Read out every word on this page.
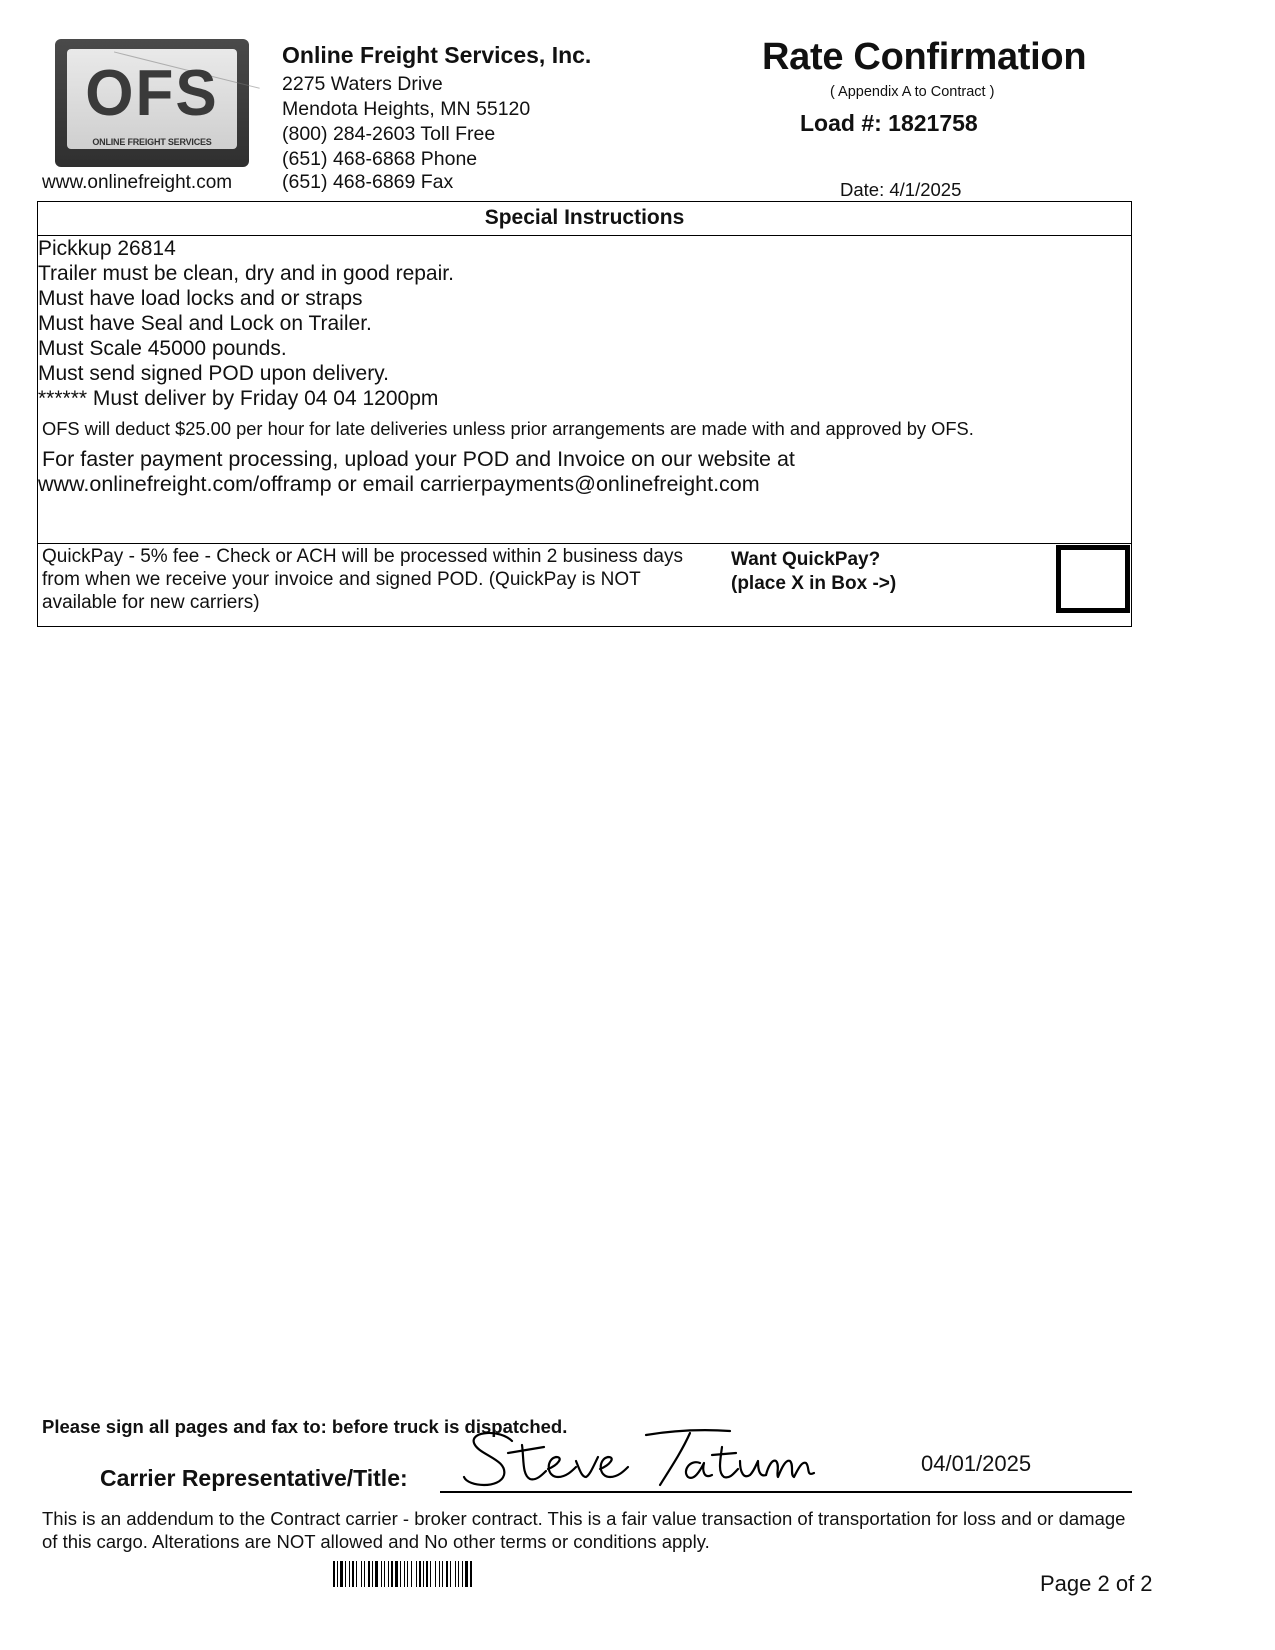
OFS
ONLINE FREIGHT SERVICES
www.onlinefreight.com
Online Freight Services, Inc.
2275 Waters Drive
Mendota Heights, MN 55120
(800) 284-2603 Toll Free
(651) 468-6868 Phone
(651) 468-6869 Fax
Rate Confirmation
( Appendix A to Contract )
Load #: 1821758
Date: 4/1/2025
Special Instructions
Pickkup 26814
Trailer must be clean, dry and in good repair.
Must have load locks and or straps
Must have Seal and Lock on Trailer.
Must Scale 45000 pounds.
Must send signed POD upon delivery.
****** Must deliver by Friday 04 04 1200pm
OFS will deduct $25.00 per hour for late deliveries unless prior arrangements are made with and approved by OFS.
For faster payment processing, upload your POD and Invoice on our website at
www.onlinefreight.com/offramp or email carrierpayments@onlinefreight.com
QuickPay - 5% fee - Check or ACH will be processed within 2 business days from when we receive your invoice and signed POD. (QuickPay is NOT available for new carriers)
Want QuickPay?
(place X in Box ->)
Please sign all pages and fax to: before truck is dispatched.
Carrier Representative/Title:
04/01/2025
This is an addendum to the Contract carrier - broker contract. This is a fair value transaction of transportation for loss and or damage of this cargo. Alterations are NOT allowed and No other terms or conditions apply.
Page 2 of 2
